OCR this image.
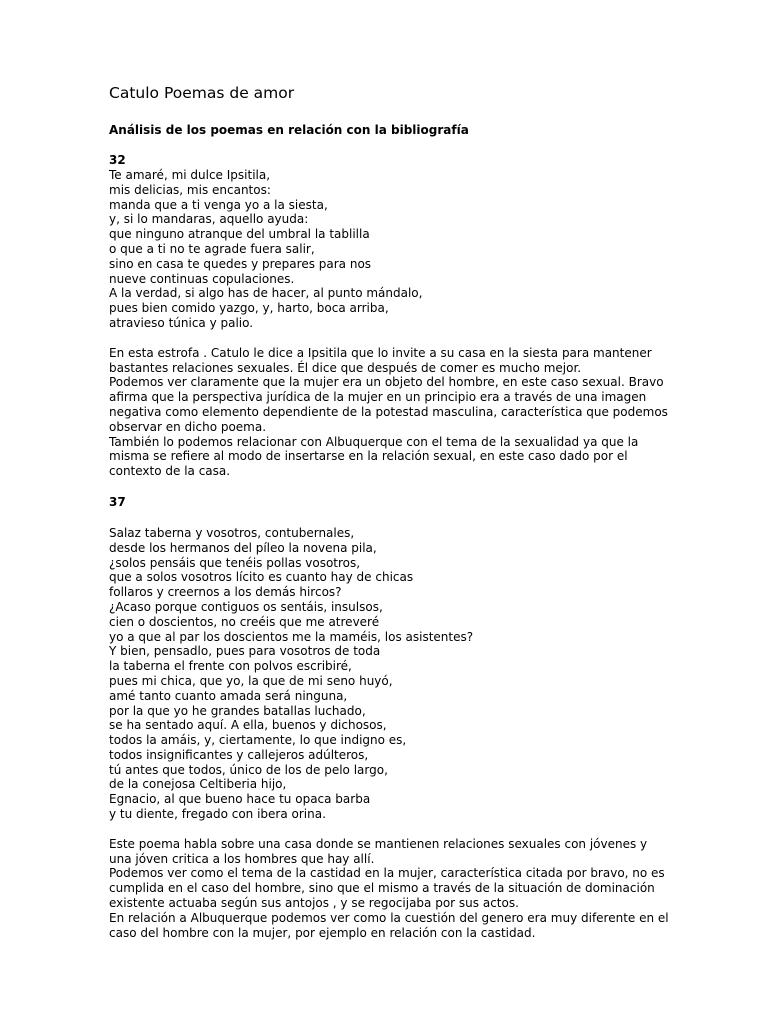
Catulo Poemas de amor
Análisis de los poemas en relación con la bibliografía
32
Te amaré, mi dulce Ipsitila,
mis delicias, mis encantos:
manda que a ti venga yo a la siesta,
y, si lo mandaras, aquello ayuda:
que ninguno atranque del umbral la tablilla
o que a ti no te agrade fuera salir,
sino en casa te quedes y prepares para nos
nueve continuas copulaciones.
A la verdad, si algo has de hacer, al punto mándalo,
pues bien comido yazgo, y, harto, boca arriba,
atravieso túnica y palio.

En esta estrofa . Catulo le dice a Ipsitila que lo invite a su casa en la siesta para mantener bastantes relaciones sexuales. Él dice que después de comer es mucho mejor.

Podemos ver claramente que la mujer era un objeto del hombre, en este caso sexual. Bravo afirma que la perspectiva jurídica de la mujer en un principio era a través de una imagen negativa como elemento dependiente de la potestad masculina, característica que podemos observar en dicho poema.

También lo podemos relacionar con Albuquerque con el tema de la sexualidad ya que la misma se refiere al modo de insertarse en la relación sexual, en este caso dado por el contexto de la casa.

37
Salaz taberna y vosotros, contubernales,
desde los hermanos del píleo la novena pila,
¿solos pensáis que tenéis pollas vosotros,
que a solos vosotros lícito es cuanto hay de chicas
follaros y creernos a los demás hircos?
¿Acaso porque contiguos os sentáis, insulsos,
cien o doscientos, no creéis que me atreveré
yo a que al par los doscientos me la maméis, los asistentes?
Y bien, pensadlo, pues para vosotros de toda
la taberna el frente con polvos escribiré,
pues mi chica, que yo, la que de mi seno huyó,
amé tanto cuanto amada será ninguna,
por la que yo he grandes batallas luchado,
se ha sentado aquí. A ella, buenos y dichosos,
todos la amáis, y, ciertamente, lo que indigno es,
todos insignificantes y callejeros adúlteros,
tú antes que todos, único de los de pelo largo,
de la conejosa Celtiberia hijo,
Egnacio, al que bueno hace tu opaca barba
y tu diente, fregado con ibera orina.

Este poema habla sobre una casa donde se mantienen relaciones sexuales con jóvenes y una jóven critica a los hombres que hay allí.

Podemos ver como el tema de la castidad en la mujer, característica citada por bravo, no es cumplida en el caso del hombre, sino que el mismo a través de la situación de dominación existente actuaba según sus antojos , y se regocijaba por sus actos.

En relación a Albuquerque podemos ver como la cuestión del genero era muy diferente en el caso del hombre con la mujer, por ejemplo en relación con la castidad.
